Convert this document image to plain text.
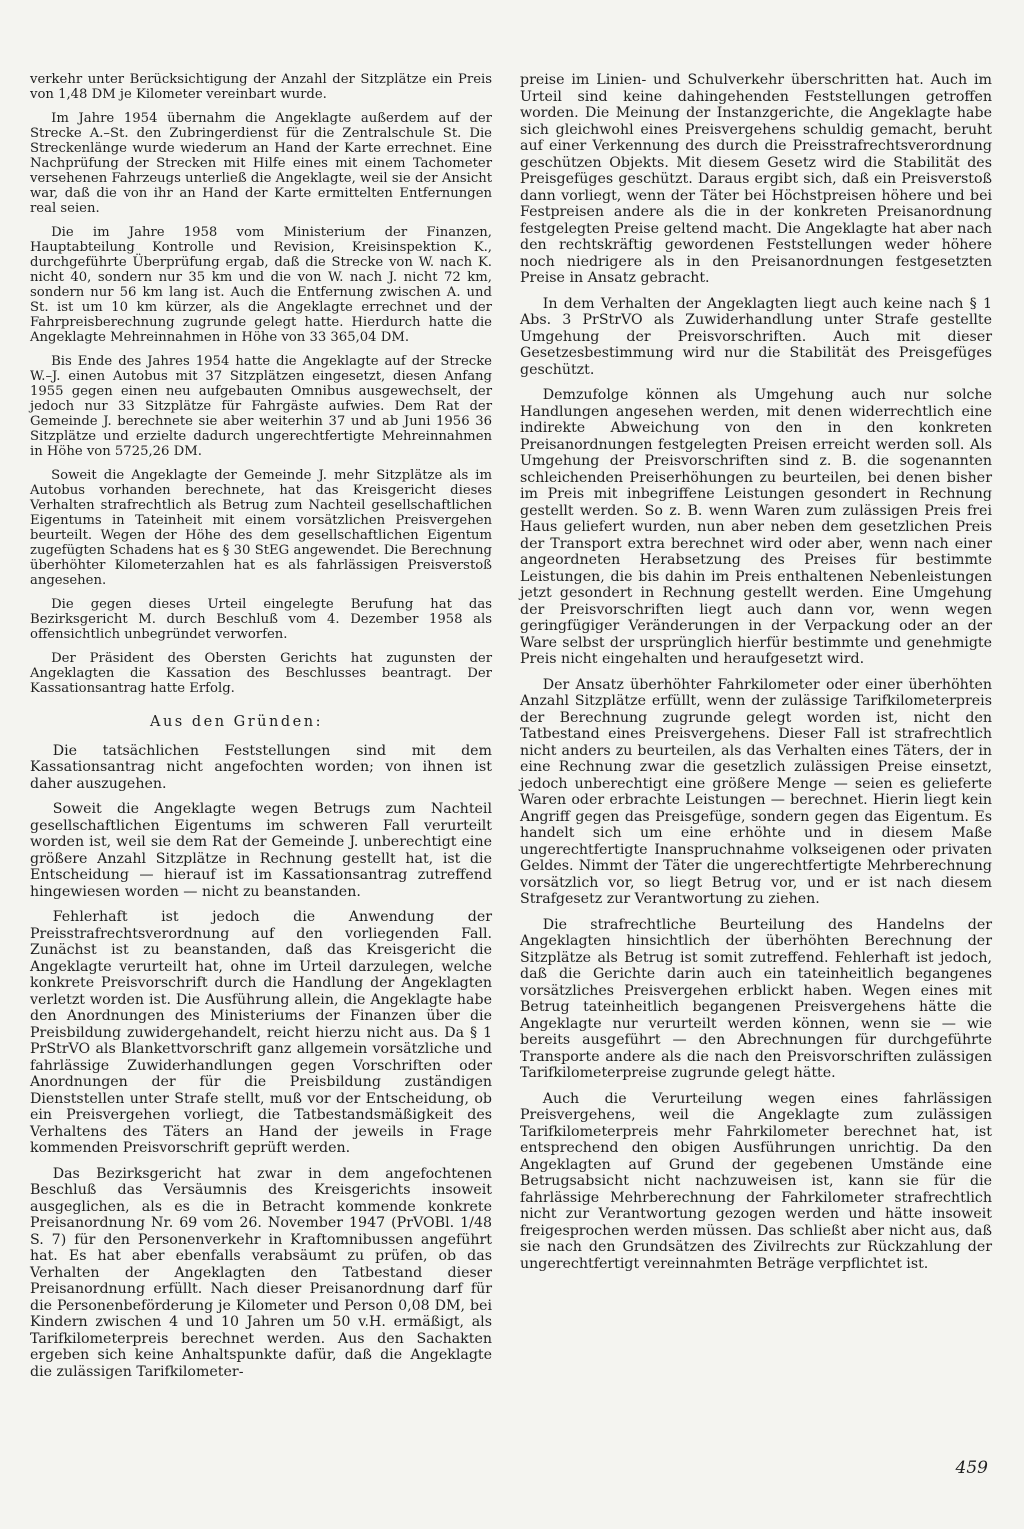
verkehr unter Berücksichtigung der Anzahl der Sitzplätze ein Preis von 1,48 DM je Kilometer vereinbart wurde.

Im Jahre 1954 übernahm die Angeklagte außerdem auf der Strecke A.–St. den Zubringerdienst für die Zentralschule St. Die Streckenlänge wurde wiederum an Hand der Karte errechnet. Eine Nachprüfung der Strecken mit Hilfe eines mit einem Tachometer versehenen Fahrzeugs unterließ die Angeklagte, weil sie der Ansicht war, daß die von ihr an Hand der Karte ermittelten Entfernungen real seien.

Die im Jahre 1958 vom Ministerium der Finanzen, Hauptabteilung Kontrolle und Revision, Kreisinspektion K., durchgeführte Überprüfung ergab, daß die Strecke von W. nach K. nicht 40, sondern nur 35 km und die von W. nach J. nicht 72 km, sondern nur 56 km lang ist. Auch die Entfernung zwischen A. und St. ist um 10 km kürzer, als die Angeklagte errechnet und der Fahrpreisberechnung zugrunde gelegt hatte. Hierdurch hatte die Angeklagte Mehreinnahmen in Höhe von 33 365,04 DM.

Bis Ende des Jahres 1954 hatte die Angeklagte auf der Strecke W.–J. einen Autobus mit 37 Sitzplätzen eingesetzt, diesen Anfang 1955 gegen einen neu aufgebauten Omnibus ausgewechselt, der jedoch nur 33 Sitzplätze für Fahrgäste aufwies. Dem Rat der Gemeinde J. berechnete sie aber weiterhin 37 und ab Juni 1956 36 Sitzplätze und erzielte dadurch ungerechtfertigte Mehreinnahmen in Höhe von 5725,26 DM.

Soweit die Angeklagte der Gemeinde J. mehr Sitzplätze als im Autobus vorhanden berechnete, hat das Kreisgericht dieses Verhalten strafrechtlich als Betrug zum Nachteil gesellschaftlichen Eigentums in Tateinheit mit einem vorsätzlichen Preisvergehen beurteilt. Wegen der Höhe des dem gesellschaftlichen Eigentum zugefügten Schadens hat es § 30 StEG angewendet. Die Berechnung überhöhter Kilometerzahlen hat es als fahrlässigen Preisverstoß angesehen.

Die gegen dieses Urteil eingelegte Berufung hat das Bezirksgericht M. durch Beschluß vom 4. Dezember 1958 als offensichtlich unbegründet verworfen.

Der Präsident des Obersten Gerichts hat zugunsten der Angeklagten die Kassation des Beschlusses beantragt. Der Kassationsantrag hatte Erfolg.

Aus den Gründen:

Die tatsächlichen Feststellungen sind mit dem Kassationsantrag nicht angefochten worden; von ihnen ist daher auszugehen.

Soweit die Angeklagte wegen Betrugs zum Nachteil gesellschaftlichen Eigentums im schweren Fall verurteilt worden ist, weil sie dem Rat der Gemeinde J. unberechtigt eine größere Anzahl Sitzplätze in Rechnung gestellt hat, ist die Entscheidung — hierauf ist im Kassationsantrag zutreffend hingewiesen worden — nicht zu beanstanden.

Fehlerhaft ist jedoch die Anwendung der Preisstrafrechtsverordnung auf den vorliegenden Fall. Zunächst ist zu beanstanden, daß das Kreisgericht die Angeklagte verurteilt hat, ohne im Urteil darzulegen, welche konkrete Preisvorschrift durch die Handlung der Angeklagten verletzt worden ist. Die Ausführung allein, die Angeklagte habe den Anordnungen des Ministeriums der Finanzen über die Preisbildung zuwidergehandelt, reicht hierzu nicht aus. Da § 1 PrStrVO als Blankettvorschrift ganz allgemein vorsätzliche und fahrlässige Zuwiderhandlungen gegen Vorschriften oder Anordnungen der für die Preisbildung zuständigen Dienststellen unter Strafe stellt, muß vor der Entscheidung, ob ein Preisvergehen vorliegt, die Tatbestandsmäßigkeit des Verhaltens des Täters an Hand der jeweils in Frage kommenden Preisvorschrift geprüft werden.

Das Bezirksgericht hat zwar in dem angefochtenen Beschluß das Versäumnis des Kreisgerichts insoweit ausgeglichen, als es die in Betracht kommende konkrete Preisanordnung Nr. 69 vom 26. November 1947 (PrVOBl. 1/48 S. 7) für den Personenverkehr in Kraftomnibussen angeführt hat. Es hat aber ebenfalls verabsäumt zu prüfen, ob das Verhalten der Angeklagten den Tatbestand dieser Preisanordnung erfüllt. Nach dieser Preisanordnung darf für die Personenbeförderung je Kilometer und Person 0,08 DM, bei Kindern zwischen 4 und 10 Jahren um 50 v.H. ermäßigt, als Tarifkilometerpreis berechnet werden. Aus den Sachakten ergeben sich keine Anhaltspunkte dafür, daß die Angeklagte die zulässigen Tarifkilometer-

preise im Linien- und Schulverkehr überschritten hat. Auch im Urteil sind keine dahingehenden Feststellungen getroffen worden. Die Meinung der Instanzgerichte, die Angeklagte habe sich gleichwohl eines Preisvergehens schuldig gemacht, beruht auf einer Verkennung des durch die Preisstrafrechtsverordnung geschützen Objekts. Mit diesem Gesetz wird die Stabilität des Preisgefüges geschützt. Daraus ergibt sich, daß ein Preisverstoß dann vorliegt, wenn der Täter bei Höchstpreisen höhere und bei Festpreisen andere als die in der konkreten Preisanordnung festgelegten Preise geltend macht. Die Angeklagte hat aber nach den rechtskräftig gewordenen Feststellungen weder höhere noch niedrigere als in den Preisanordnungen festgesetzten Preise in Ansatz gebracht.

In dem Verhalten der Angeklagten liegt auch keine nach § 1 Abs. 3 PrStrVO als Zuwiderhandlung unter Strafe gestellte Umgehung der Preisvorschriften. Auch mit dieser Gesetzesbestimmung wird nur die Stabilität des Preisgefüges geschützt.

Demzufolge können als Umgehung auch nur solche Handlungen angesehen werden, mit denen widerrechtlich eine indirekte Abweichung von den in den konkreten Preisanordnungen festgelegten Preisen erreicht werden soll. Als Umgehung der Preisvorschriften sind z. B. die sogenannten schleichenden Preiserhöhungen zu beurteilen, bei denen bisher im Preis mit inbegriffene Leistungen gesondert in Rechnung gestellt werden. So z. B. wenn Waren zum zulässigen Preis frei Haus geliefert wurden, nun aber neben dem gesetzlichen Preis der Transport extra berechnet wird oder aber, wenn nach einer angeordneten Herabsetzung des Preises für bestimmte Leistungen, die bis dahin im Preis enthaltenen Nebenleistungen jetzt gesondert in Rechnung gestellt werden. Eine Umgehung der Preisvorschriften liegt auch dann vor, wenn wegen geringfügiger Veränderungen in der Verpackung oder an der Ware selbst der ursprünglich hierfür bestimmte und genehmigte Preis nicht eingehalten und heraufgesetzt wird.

Der Ansatz überhöhter Fahrkilometer oder einer überhöhten Anzahl Sitzplätze erfüllt, wenn der zulässige Tarifkilometerpreis der Berechnung zugrunde gelegt worden ist, nicht den Tatbestand eines Preisvergehens. Dieser Fall ist strafrechtlich nicht anders zu beurteilen, als das Verhalten eines Täters, der in eine Rechnung zwar die gesetzlich zulässigen Preise einsetzt, jedoch unberechtigt eine größere Menge — seien es gelieferte Waren oder erbrachte Leistungen — berechnet. Hierin liegt kein Angriff gegen das Preisgefüge, sondern gegen das Eigentum. Es handelt sich um eine erhöhte und in diesem Maße ungerechtfertigte Inanspruchnahme volkseigenen oder privaten Geldes. Nimmt der Täter die ungerechtfertigte Mehrberechnung vorsätzlich vor, so liegt Betrug vor, und er ist nach diesem Strafgesetz zur Verantwortung zu ziehen.

Die strafrechtliche Beurteilung des Handelns der Angeklagten hinsichtlich der überhöhten Berechnung der Sitzplätze als Betrug ist somit zutreffend. Fehlerhaft ist jedoch, daß die Gerichte darin auch ein tateinheitlich begangenes vorsätzliches Preisvergehen erblickt haben. Wegen eines mit Betrug tateinheitlich begangenen Preisvergehens hätte die Angeklagte nur verurteilt werden können, wenn sie — wie bereits ausgeführt — den Abrechnungen für durchgeführte Transporte andere als die nach den Preisvorschriften zulässigen Tarifkilometerpreise zugrunde gelegt hätte.

Auch die Verurteilung wegen eines fahrlässigen Preisvergehens, weil die Angeklagte zum zulässigen Tarifkilometerpreis mehr Fahrkilometer berechnet hat, ist entsprechend den obigen Ausführungen unrichtig. Da den Angeklagten auf Grund der gegebenen Umstände eine Betrugsabsicht nicht nachzuweisen ist, kann sie für die fahrlässige Mehrberechnung der Fahrkilometer strafrechtlich nicht zur Verantwortung gezogen werden und hätte insoweit freigesprochen werden müssen. Das schließt aber nicht aus, daß sie nach den Grundsätzen des Zivilrechts zur Rückzahlung der ungerechtfertigt vereinnahmten Beträge verpflichtet ist.

459
